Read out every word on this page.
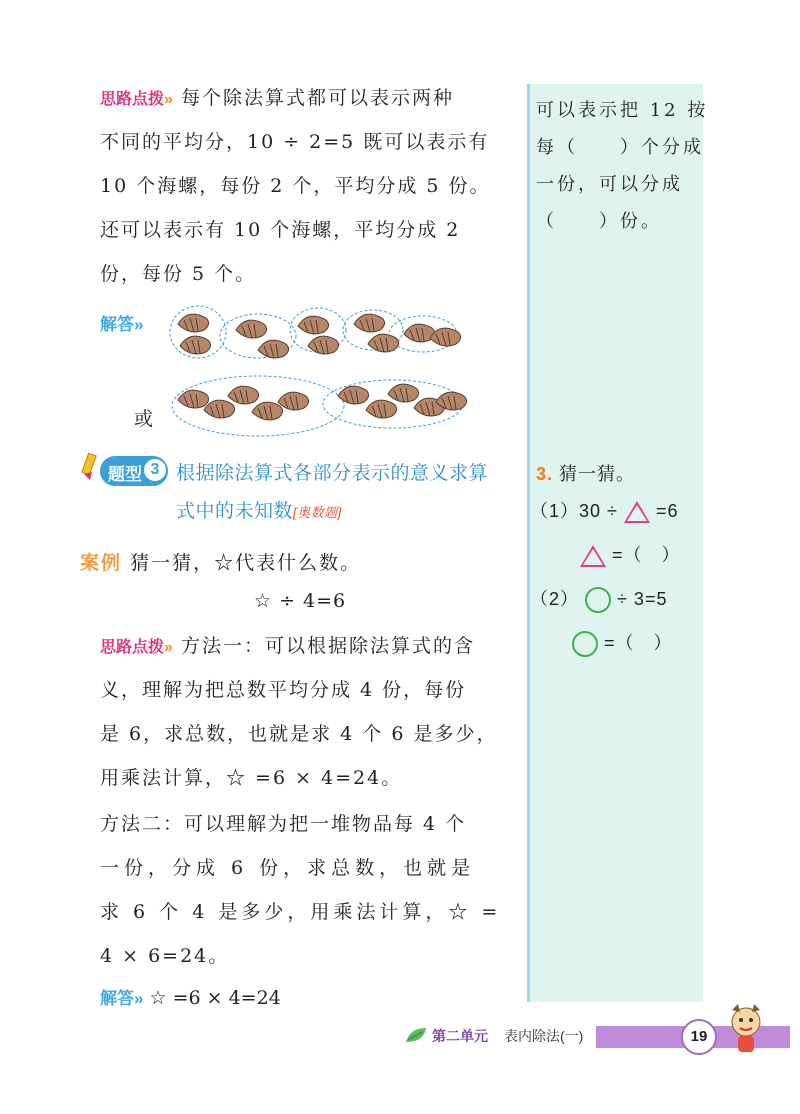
可以表示把 12 按
每（　　）个分成
一份，可以分成
（　　）份。
3. 猜一猜。
（1）30 ÷ =6
=（　）
（2） ÷ 3=5
=（　）

思路点拨» 每个除法算式都可以表示两种

不同的平均分，10 ÷ 2=5 既可以表示有

10 个海螺，每份 2 个，平均分成 5 份。

还可以表示有 10 个海螺，平均分成 2

份，每份 5 个。

解答»
或
题型 3 根据除法算式各部分表示的意义求算
式中的未知数[奥数题]
案例 猜一猜，☆代表什么数。
☆ ÷ 4=6

思路点拨» 方法一：可以根据除法算式的含

义，理解为把总数平均分成 4 份，每份

是 6，求总数，也就是求 4 个 6 是多少，

用乘法计算，☆ =6 × 4=24。

方法二：可以理解为把一堆物品每 4 个

一份，分成 6 份，求总数，也就是

求 6 个 4 是多少，用乘法计算，☆ =

4 × 6=24。

解答» ☆ =6 × 4=24
第二单元 表内除法(一)	19
